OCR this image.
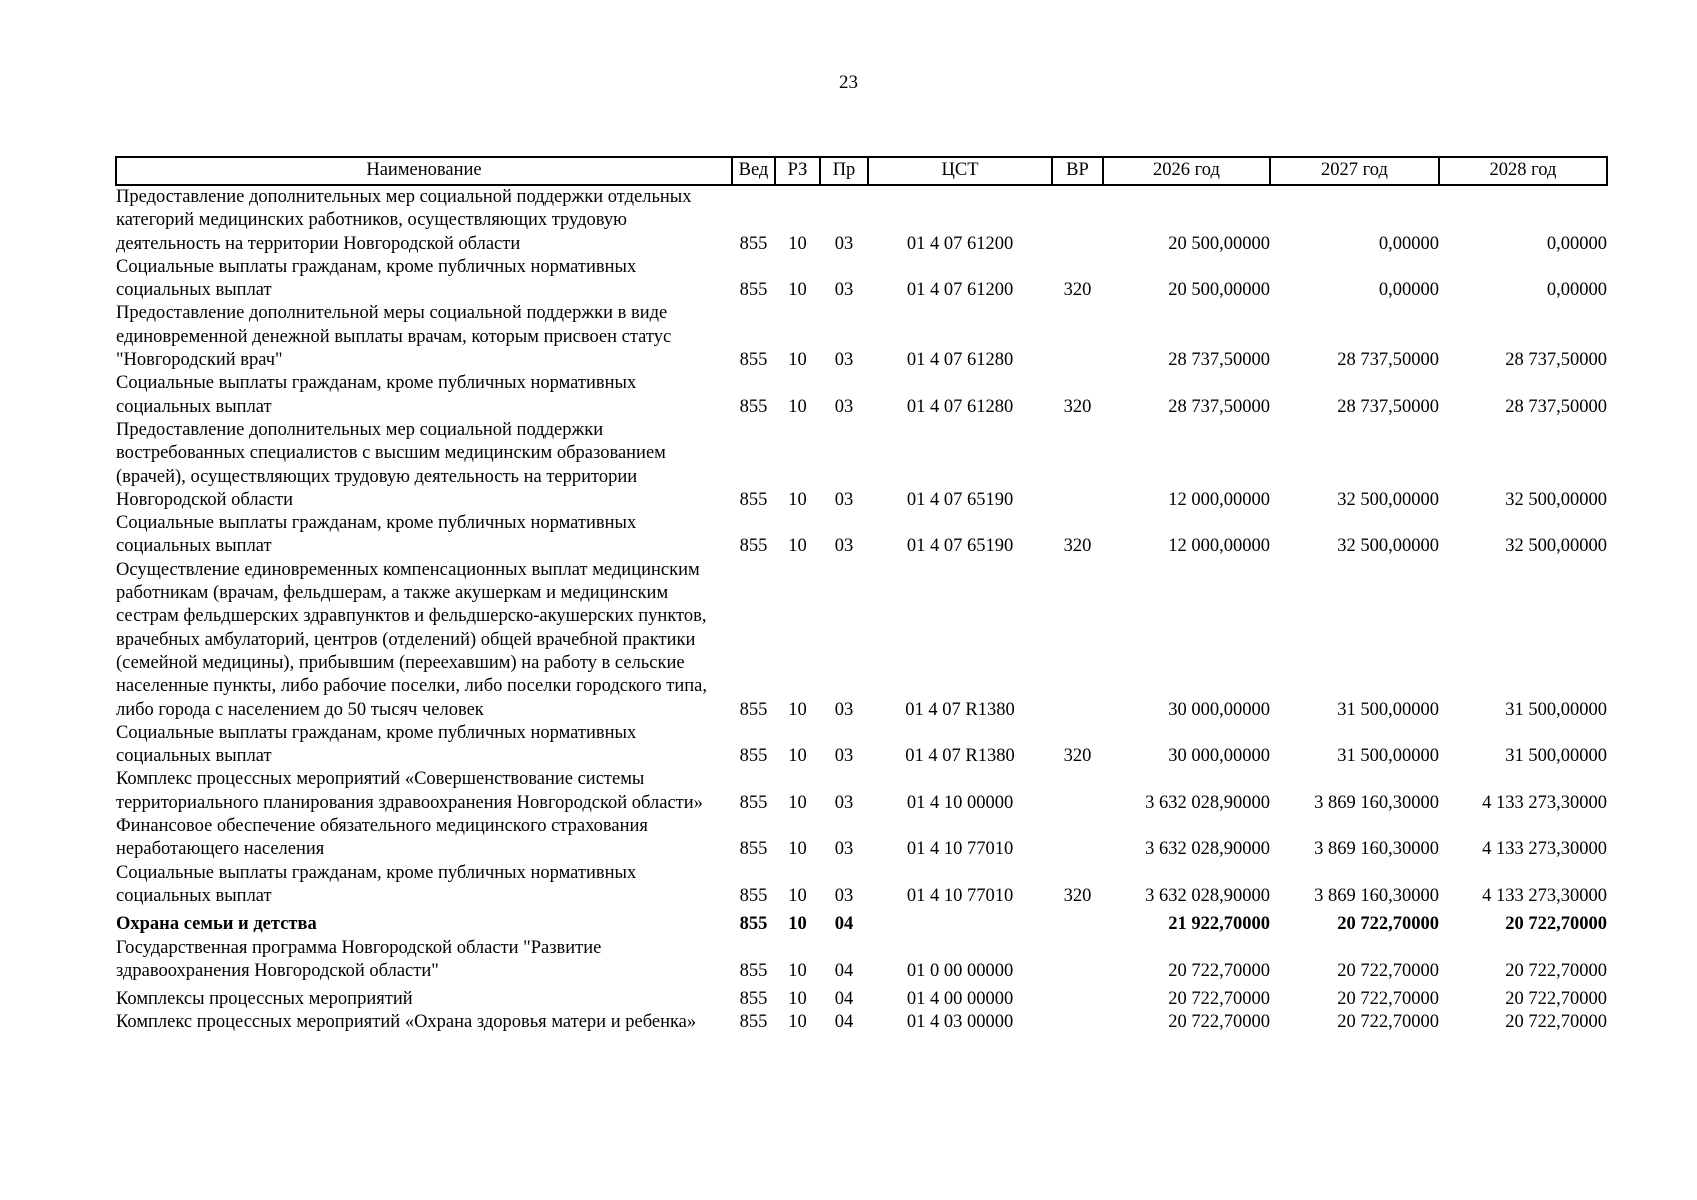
23
Наименование	Вед	РЗ	Пр	ЦСТ	ВР	2026 год	2027 год	2028 год
Предоставление дополнительных мер социальной поддержки отдельных категорий медицинских работников, осуществляющих трудовую деятельность на территории Новгородской области	855	10	03	01 4 07 61200		20 500,00000	0,00000	0,00000
Социальные выплаты гражданам, кроме публичных нормативных социальных выплат	855	10	03	01 4 07 61200	320	20 500,00000	0,00000	0,00000
Предоставление дополнительной меры социальной поддержки в виде единовременной денежной выплаты врачам, которым присвоен статус "Новгородский врач"	855	10	03	01 4 07 61280		28 737,50000	28 737,50000	28 737,50000
Социальные выплаты гражданам, кроме публичных нормативных социальных выплат	855	10	03	01 4 07 61280	320	28 737,50000	28 737,50000	28 737,50000
Предоставление дополнительных мер социальной поддержки востребованных специалистов с высшим медицинским образованием (врачей), осуществляющих трудовую деятельность на территории Новгородской области	855	10	03	01 4 07 65190		12 000,00000	32 500,00000	32 500,00000
Социальные выплаты гражданам, кроме публичных нормативных социальных выплат	855	10	03	01 4 07 65190	320	12 000,00000	32 500,00000	32 500,00000
Осуществление единовременных компенсационных выплат медицинским работникам (врачам, фельдшерам, а также акушеркам и медицинским сестрам фельдшерских здравпунктов и фельдшерско-акушерских пунктов, врачебных амбулаторий, центров (отделений) общей врачебной практики (семейной медицины), прибывшим (переехавшим) на работу в сельские населенные пункты, либо рабочие поселки, либо поселки городского типа, либо города с населением до 50 тысяч человек	855	10	03	01 4 07 R1380		30 000,00000	31 500,00000	31 500,00000
Социальные выплаты гражданам, кроме публичных нормативных социальных выплат	855	10	03	01 4 07 R1380	320	30 000,00000	31 500,00000	31 500,00000
Комплекс процессных мероприятий «Совершенствование системы территориального планирования здравоохранения Новгородской области»	855	10	03	01 4 10 00000		3 632 028,90000	3 869 160,30000	4 133 273,30000
Финансовое обеспечение обязательного медицинского страхования неработающего населения	855	10	03	01 4 10 77010		3 632 028,90000	3 869 160,30000	4 133 273,30000
Социальные выплаты гражданам, кроме публичных нормативных социальных выплат	855	10	03	01 4 10 77010	320	3 632 028,90000	3 869 160,30000	4 133 273,30000
Охрана семьи и детства	855	10	04			21 922,70000	20 722,70000	20 722,70000
Государственная программа Новгородской области "Развитие здравоохранения Новгородской области"	855	10	04	01 0 00 00000		20 722,70000	20 722,70000	20 722,70000
Комплексы процессных мероприятий	855	10	04	01 4 00 00000		20 722,70000	20 722,70000	20 722,70000
Комплекс процессных мероприятий «Охрана здоровья матери и ребенка»	855	10	04	01 4 03 00000		20 722,70000	20 722,70000	20 722,70000
